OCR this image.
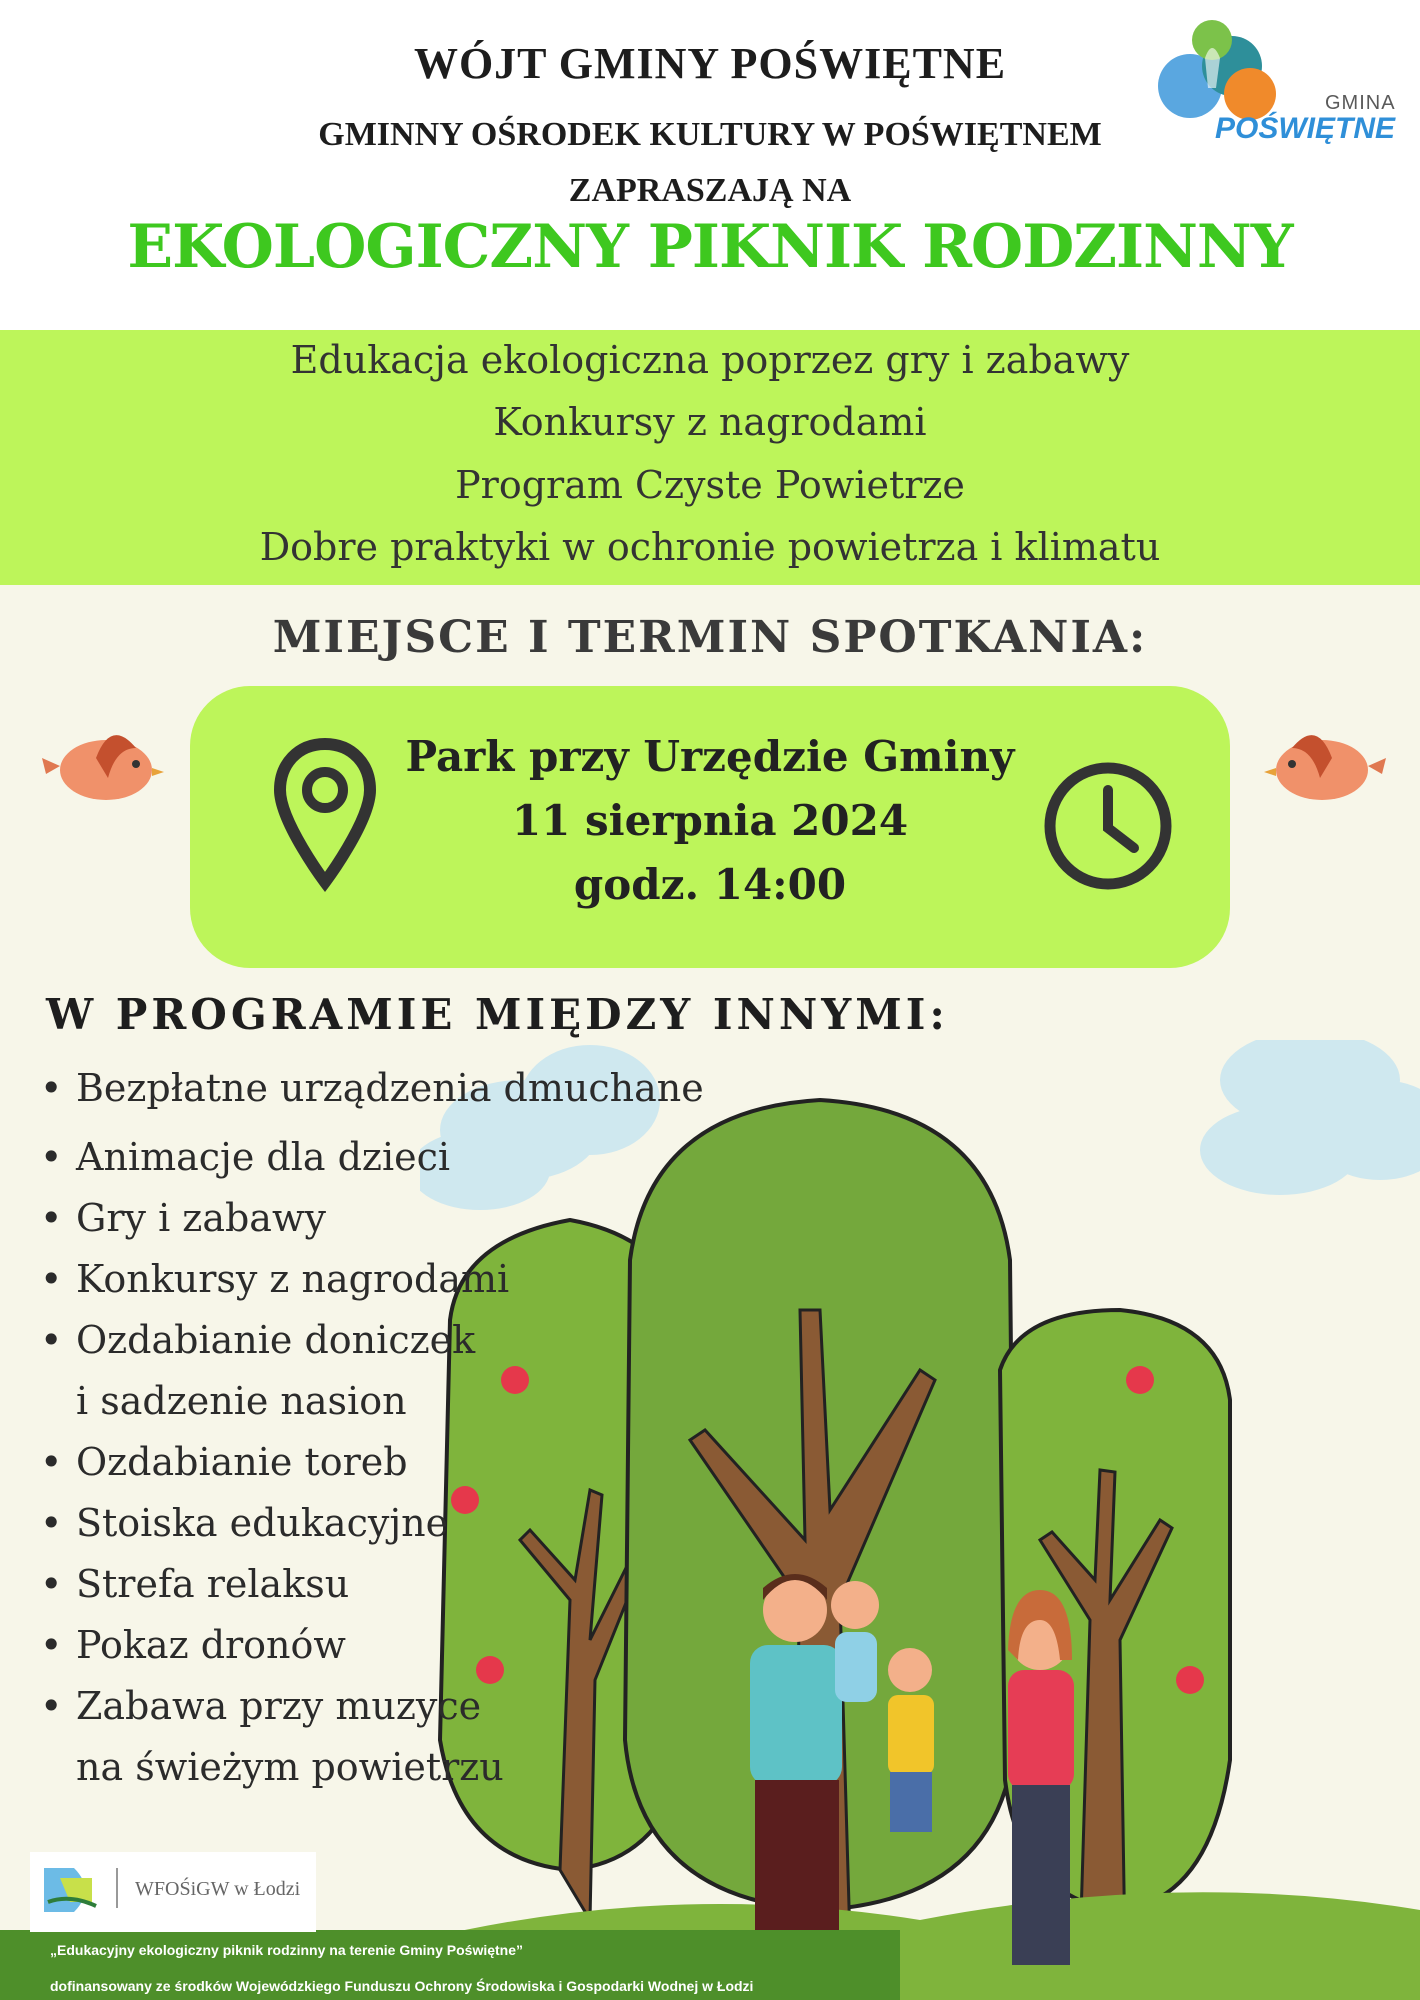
WÓJT GMINY POŚWIĘTNE
GMINNY OŚRODEK KULTURY W POŚWIĘTNEM
ZAPRASZAJĄ NA
EKOLOGICZNY PIKNIK RODZINNY
GMINA
POŚWIĘTNE
Edukacja ekologiczna poprzez gry i zabawy
Konkursy z nagrodami
Program Czyste Powietrze
Dobre praktyki w ochronie powietrza i klimatu
MIEJSCE I TERMIN SPOTKANIA:
Park przy Urzędzie Gminy
11 sierpnia 2024
godz. 14:00
W PROGRAMIE MIĘDZY INNYMI:
• Bezpłatne urządzenia dmuchane
• Animacje dla dzieci
• Gry i zabawy
• Konkursy z nagrodami
• Ozdabianie doniczek
i sadzenie nasion
• Ozdabianie toreb
• Stoiska edukacyjne
• Strefa relaksu
• Pokaz dronów
• Zabawa przy muzyce
na świeżym powietrzu
WFOŚiGW w Łodzi
„Edukacyjny ekologiczny piknik rodzinny na terenie Gminy Poświętne”
dofinansowany ze środków Wojewódzkiego Funduszu Ochrony Środowiska i Gospodarki Wodnej w Łodzi
